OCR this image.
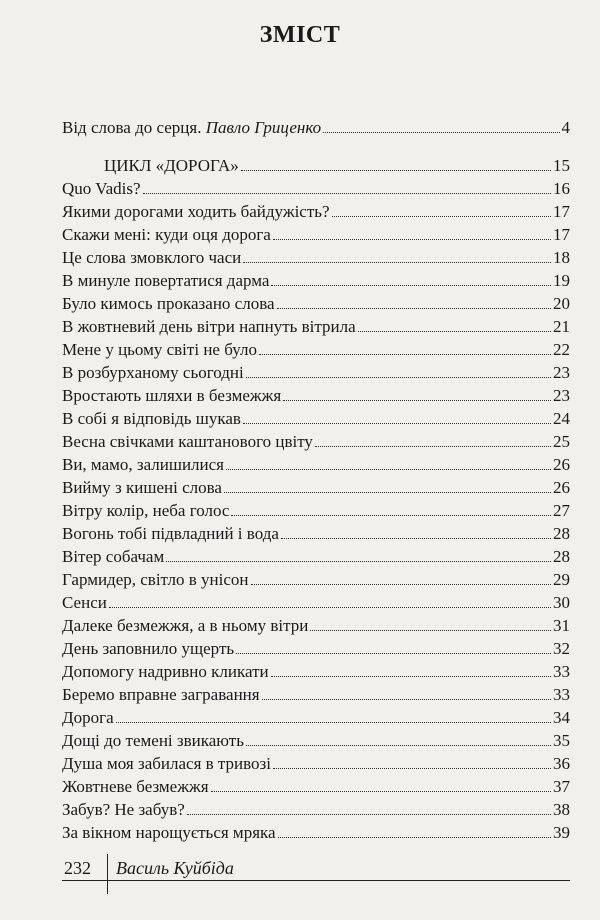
ЗМІСТ
Від слова до серця. Павло Гриценко	4
ЦИКЛ «ДОРОГА»	15
Quo Vadis?	16
Якими дорогами ходить байдужість?	17
Скажи мені: куди оця дорога	17
Це слова змовклого часи	18
В минуле повертатися дарма	19
Було кимось проказано слова	20
В жовтневий день вітри напнуть вітрила	21
Мене у цьому світі не було	22
В розбурханому сьогодні	23
Вростають шляхи в безмежжя	23
В собі я відповідь шукав	24
Весна свічками каштанового цвіту	25
Ви, мамо, залишилися	26
Вийму з кишені слова	26
Вітру колір, неба голос	27
Вогонь тобі підвладний і вода	28
Вітер собачам	28
Гармидер, світло в унісон	29
Сенси	30
Далеке безмежжя, а в ньому вітри	31
День заповнило ущерть	32
Допомогу надривно кликати	33
Беремо вправне загравання	33
Дорога	34
Дощі до темені звикають	35
Душа моя забилася в тривозі	36
Жовтневе безмежжя	37
Забув? Не забув?	38
За вікном нарощується мряка	39
232 Василь Куйбіда
